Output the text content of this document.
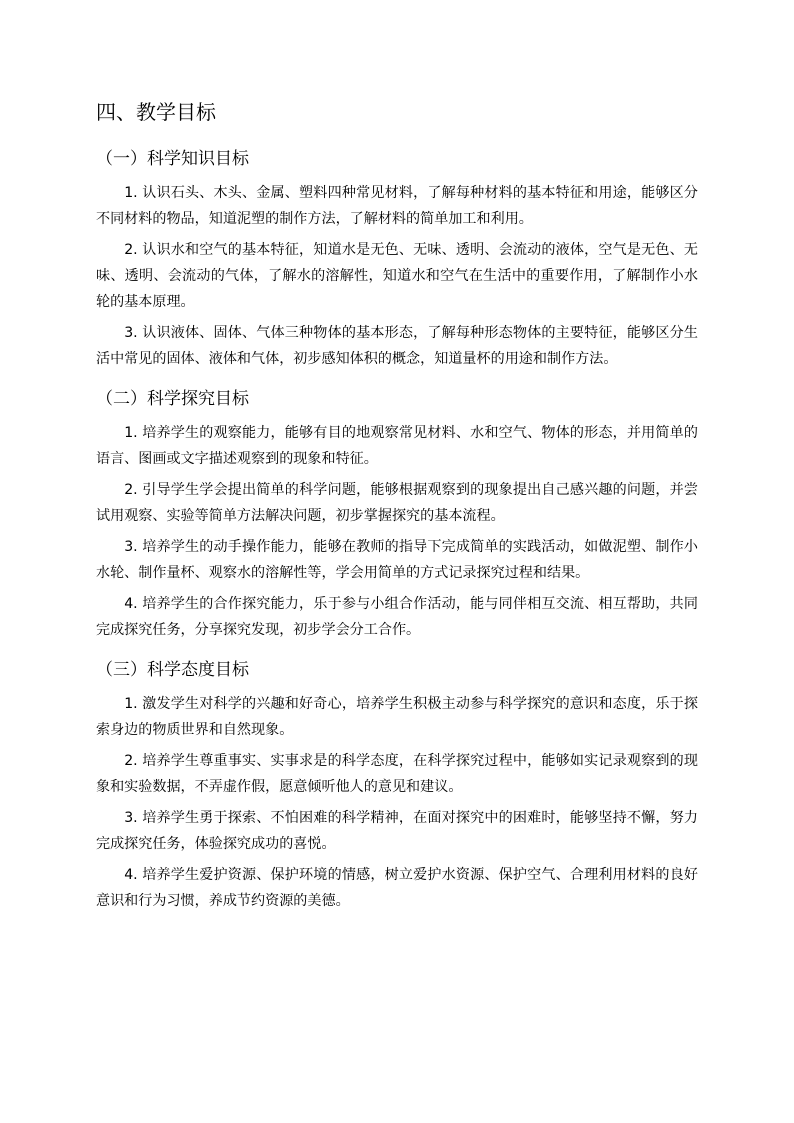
四、教学目标
（一）科学知识目标

1. 认识石头、木头、金属、塑料四种常见材料，了解每种材料的基本特征和用途，能够区分不同材料的物品，知道泥塑的制作方法，了解材料的简单加工和利用。

2. 认识水和空气的基本特征，知道水是无色、无味、透明、会流动的液体，空气是无色、无味、透明、会流动的气体，了解水的溶解性，知道水和空气在生活中的重要作用，了解制作小水轮的基本原理。

3. 认识液体、固体、气体三种物体的基本形态，了解每种形态物体的主要特征，能够区分生活中常见的固体、液体和气体，初步感知体积的概念，知道量杯的用途和制作方法。

（二）科学探究目标

1. 培养学生的观察能力，能够有目的地观察常见材料、水和空气、物体的形态，并用简单的语言、图画或文字描述观察到的现象和特征。

2. 引导学生学会提出简单的科学问题，能够根据观察到的现象提出自己感兴趣的问题，并尝试用观察、实验等简单方法解决问题，初步掌握探究的基本流程。

3. 培养学生的动手操作能力，能够在教师的指导下完成简单的实践活动，如做泥塑、制作小水轮、制作量杯、观察水的溶解性等，学会用简单的方式记录探究过程和结果。

4. 培养学生的合作探究能力，乐于参与小组合作活动，能与同伴相互交流、相互帮助，共同完成探究任务，分享探究发现，初步学会分工合作。

（三）科学态度目标

1. 激发学生对科学的兴趣和好奇心，培养学生积极主动参与科学探究的意识和态度，乐于探索身边的物质世界和自然现象。

2. 培养学生尊重事实、实事求是的科学态度，在科学探究过程中，能够如实记录观察到的现象和实验数据，不弄虚作假，愿意倾听他人的意见和建议。

3. 培养学生勇于探索、不怕困难的科学精神，在面对探究中的困难时，能够坚持不懈，努力完成探究任务，体验探究成功的喜悦。

4. 培养学生爱护资源、保护环境的情感，树立爱护水资源、保护空气、合理利用材料的良好意识和行为习惯，养成节约资源的美德。
